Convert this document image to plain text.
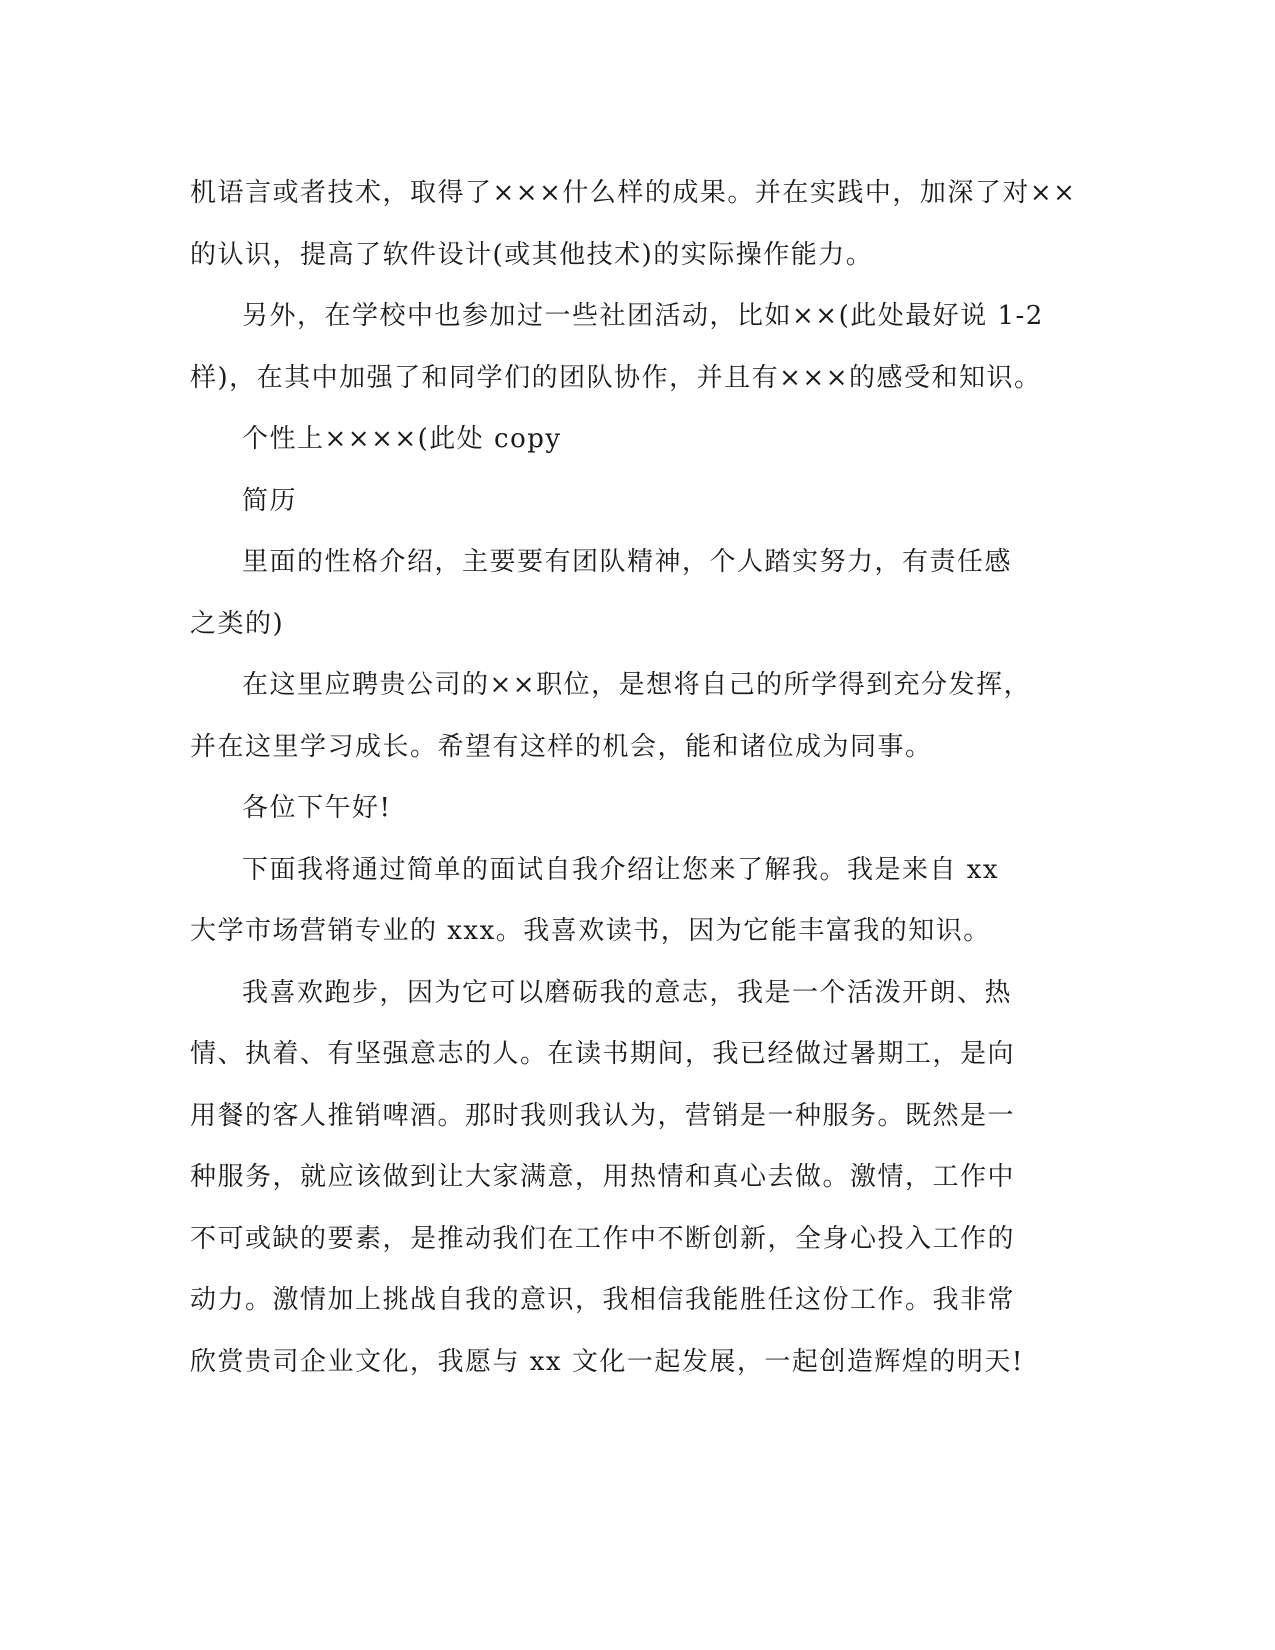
机语言或者技术，取得了×××什么样的成果。并在实践中，加深了对××
的认识，提高了软件设计(或其他技术)的实际操作能力。

另外，在学校中也参加过一些社团活动，比如××(此处最好说 1-2
样)，在其中加强了和同学们的团队协作，并且有×××的感受和知识。

个性上××××(此处 copy

简历

里面的性格介绍，主要要有团队精神，个人踏实努力，有责任感
之类的)

在这里应聘贵公司的××职位，是想将自己的所学得到充分发挥，
并在这里学习成长。希望有这样的机会，能和诸位成为同事。

各位下午好!

下面我将通过简单的面试自我介绍让您来了解我。我是来自 xx
大学市场营销专业的 xxx。我喜欢读书，因为它能丰富我的知识。

我喜欢跑步，因为它可以磨砺我的意志，我是一个活泼开朗、热
情、执着、有坚强意志的人。在读书期间，我已经做过暑期工，是向
用餐的客人推销啤酒。那时我则我认为，营销是一种服务。既然是一
种服务，就应该做到让大家满意，用热情和真心去做。激情，工作中
不可或缺的要素，是推动我们在工作中不断创新，全身心投入工作的
动力。激情加上挑战自我的意识，我相信我能胜任这份工作。我非常
欣赏贵司企业文化，我愿与 xx 文化一起发展，一起创造辉煌的明天!
